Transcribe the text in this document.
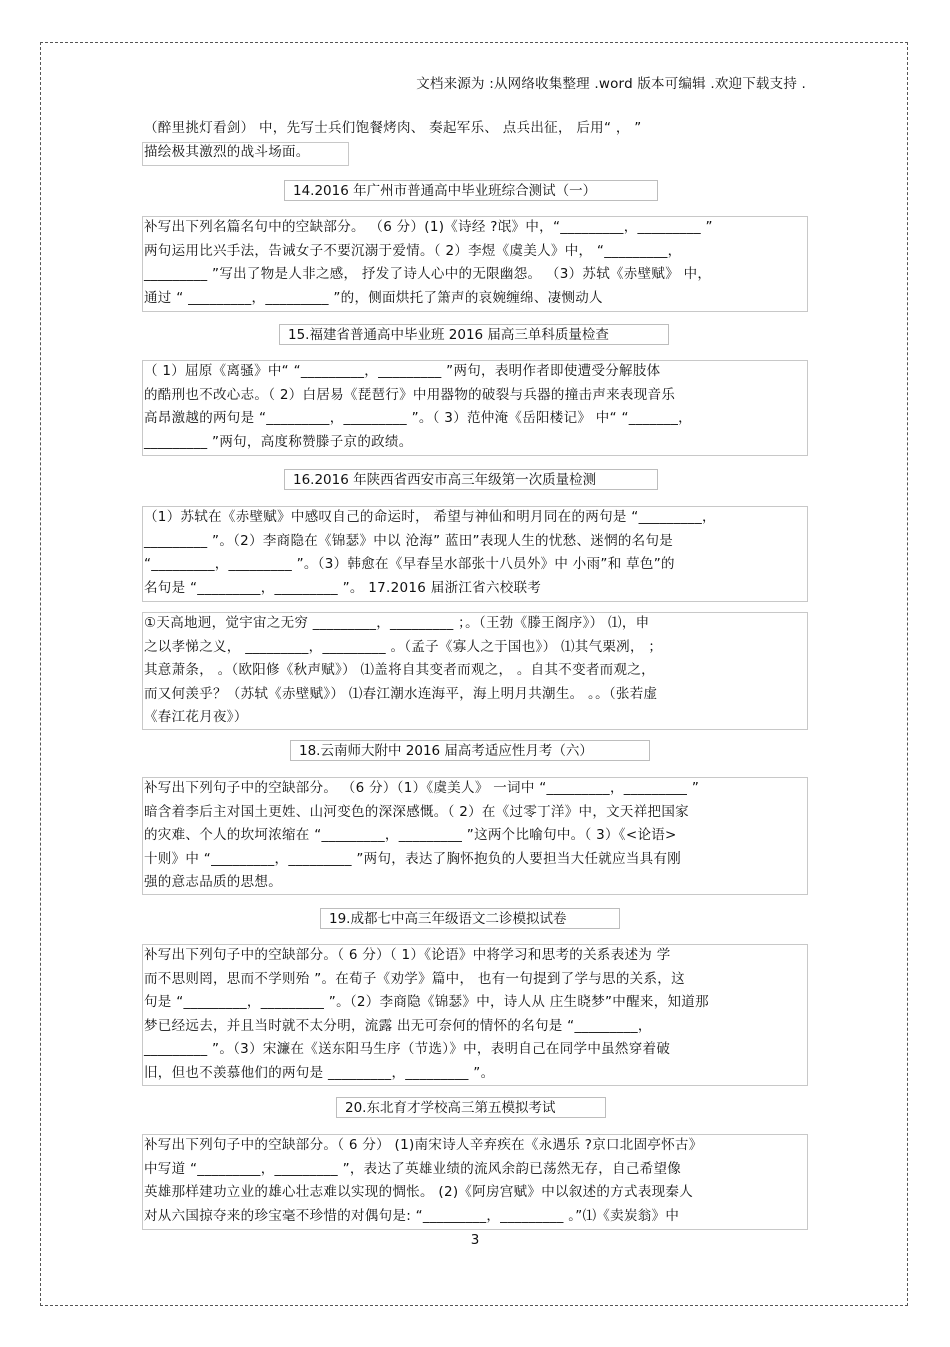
文档来源为 :从网络收集整理 .word 版本可编辑 .欢迎下载支持 .

（醉里挑灯看剑） 中，先写士兵们饱餐烤肉、 奏起军乐、 点兵出征， 后用“ ， ”

描绘极其激烈的战斗场面。

14.2016 年广州市普通高中毕业班综合测试（一）

补写出下列名篇名句中的空缺部分。 （6 分）(1)《诗经 ?氓》中，“_________，_________ ”

两句运用比兴手法，告诫女子不要沉溺于爱情。（ 2）李煜《虞美人》中， “_________，

_________ ”写出了物是人非之感， 抒发了诗人心中的无限幽怨。 （3）苏轼《赤壁赋》 中，

通过 “ _________，_________ ”的，侧面烘托了箫声的哀婉缠绵、凄恻动人

15.福建省普通高中毕业班 2016 届高三单科质量检查

（ 1）屈原《离骚》中“ “_________，_________ ”两句，表明作者即使遭受分解肢体

的酷刑也不改心志。（ 2）白居易《琵琶行》中用器物的破裂与兵器的撞击声来表现音乐

高昂激越的两句是 “_________，_________ ”。（ 3）范仲淹《岳阳楼记》 中“ “_______，

_________ ”两句，高度称赞滕子京的政绩。

16.2016 年陕西省西安市高三年级第一次质量检测

（1）苏轼在《赤壁赋》中感叹自己的命运时， 希望与神仙和明月同在的两句是 “_________，

_________ ”。（2）李商隐在《锦瑟》中以 沧海” 蓝田”表现人生的忧愁、迷惘的名句是

“_________，_________ ”。（3）韩愈在《早春呈水部张十八员外》中 小雨”和 草色”的

名句是 “_________，_________ ”。 17.2016 届浙江省六校联考

①天高地迥，觉宇宙之无穷 _________，_________ ；。（王勃《滕王阁序》） ⑴，申

之以孝悌之义， _________，_________ 。（孟子《寡人之于国也》） ⑴其气栗冽， ；

其意萧条， 。（欧阳修《秋声赋》） ⑴盖将自其变者而观之， 。自其不变者而观之，

而又何羡乎？（苏轼《赤壁赋》） ⑴春江潮水连海平，海上明月共潮生。 。。（张若虚

《春江花月夜》）

18.云南师大附中 2016 届高考适应性月考（六）

补写出下列句子中的空缺部分。 （6 分）（1）《虞美人》 一词中 “_________，_________ ”

暗含着李后主对国土更姓、山河变色的深深感慨。（ 2）在《过零丁洋》中，文天祥把国家

的灾难、个人的坎坷浓缩在 “_________，_________ ”这两个比喻句中。（ 3）《<论语>

十则》中 “_________，_________ ”两句，表达了胸怀抱负的人要担当大任就应当具有刚

强的意志品质的思想。

19.成都七中高三年级语文二诊模拟试卷

补写出下列句子中的空缺部分。（ 6 分）（ 1）《论语》中将学习和思考的关系表述为 学

而不思则罔，思而不学则殆 ”。在荀子《劝学》篇中， 也有一句提到了学与思的关系，这

句是 “_________，_________ ”。（2）李商隐《锦瑟》中，诗人从 庄生晓梦”中醒来，知道那

梦已经远去，并且当时就不太分明，流露 出无可奈何的情怀的名句是 “_________，

_________ ”。（3）宋濂在《送东阳马生序（节选）》中，表明自己在同学中虽然穿着破

旧，但也不羡慕他们的两句是 _________，_________ ”。

20.东北育才学校高三第五模拟考试

补写出下列句子中的空缺部分。（ 6 分） (1)南宋诗人辛弃疾在《永遇乐 ?京口北固亭怀古》

中写道 “_________，_________ ”，表达了英雄业绩的流风余韵已荡然无存，自己希望像

英雄那样建功立业的雄心壮志难以实现的惆怅。 (2)《阿房宫赋》中以叙述的方式表现秦人

对从六国掠夺来的珍宝毫不珍惜的对偶句是: “_________，_________ 。”⑴《卖炭翁》中

3
